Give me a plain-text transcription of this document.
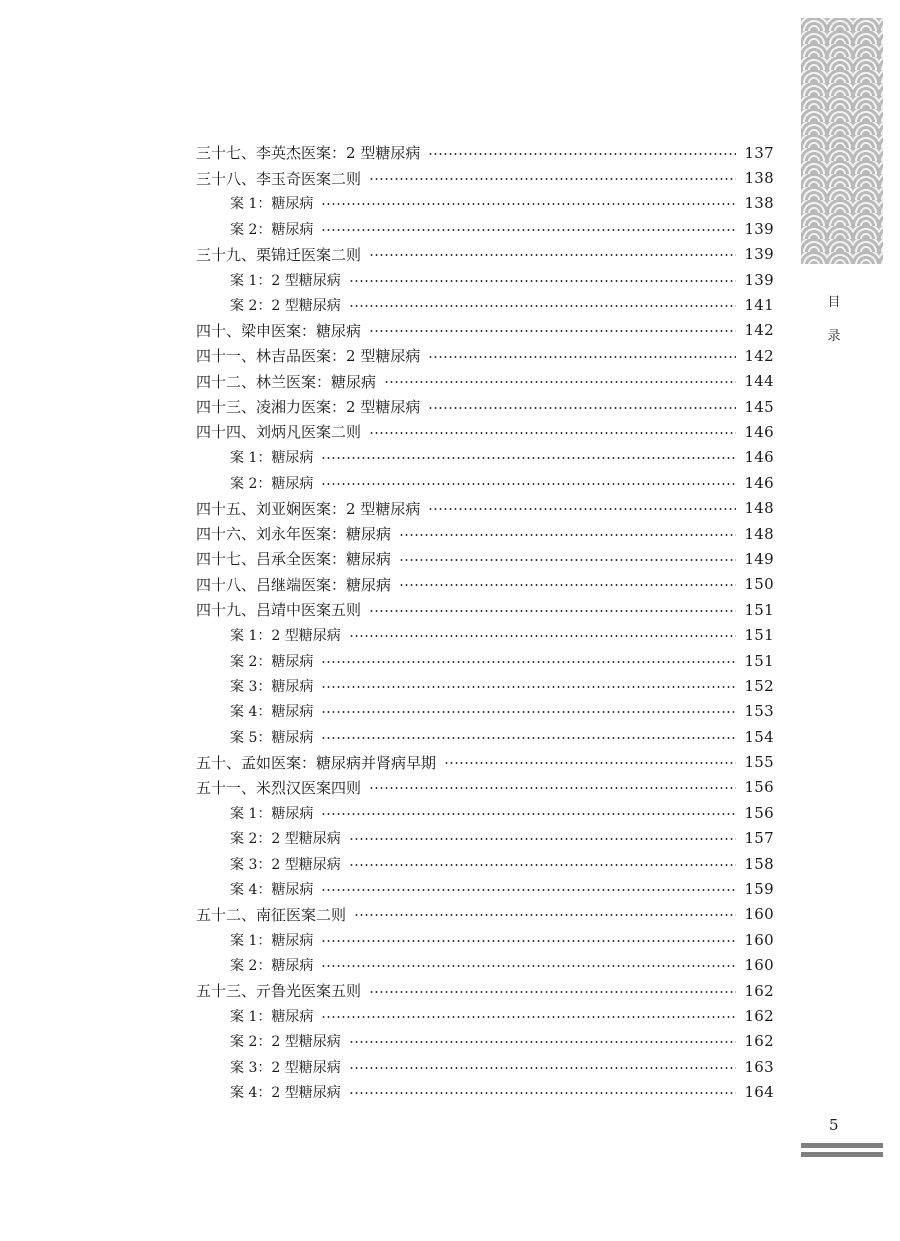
目录
三十七、李英杰医案：2 型糖尿病	137
三十八、李玉奇医案二则	138
案 1：糖尿病	138
案 2：糖尿病	139
三十九、栗锦迁医案二则	139
案 1：2 型糖尿病	139
案 2：2 型糖尿病	141
四十、梁申医案：糖尿病	142
四十一、林吉品医案：2 型糖尿病	142
四十二、林兰医案：糖尿病	144
四十三、凌湘力医案：2 型糖尿病	145
四十四、刘炳凡医案二则	146
案 1：糖尿病	146
案 2：糖尿病	146
四十五、刘亚娴医案：2 型糖尿病	148
四十六、刘永年医案：糖尿病	148
四十七、吕承全医案：糖尿病	149
四十八、吕继端医案：糖尿病	150
四十九、吕靖中医案五则	151
案 1：2 型糖尿病	151
案 2：糖尿病	151
案 3：糖尿病	152
案 4：糖尿病	153
案 5：糖尿病	154
五十、孟如医案：糖尿病并肾病早期	155
五十一、米烈汉医案四则	156
案 1：糖尿病	156
案 2：2 型糖尿病	157
案 3：2 型糖尿病	158
案 4：糖尿病	159
五十二、南征医案二则	160
案 1：糖尿病	160
案 2：糖尿病	160
五十三、亓鲁光医案五则	162
案 1：糖尿病	162
案 2：2 型糖尿病	162
案 3：2 型糖尿病	163
案 4：2 型糖尿病	164
5
